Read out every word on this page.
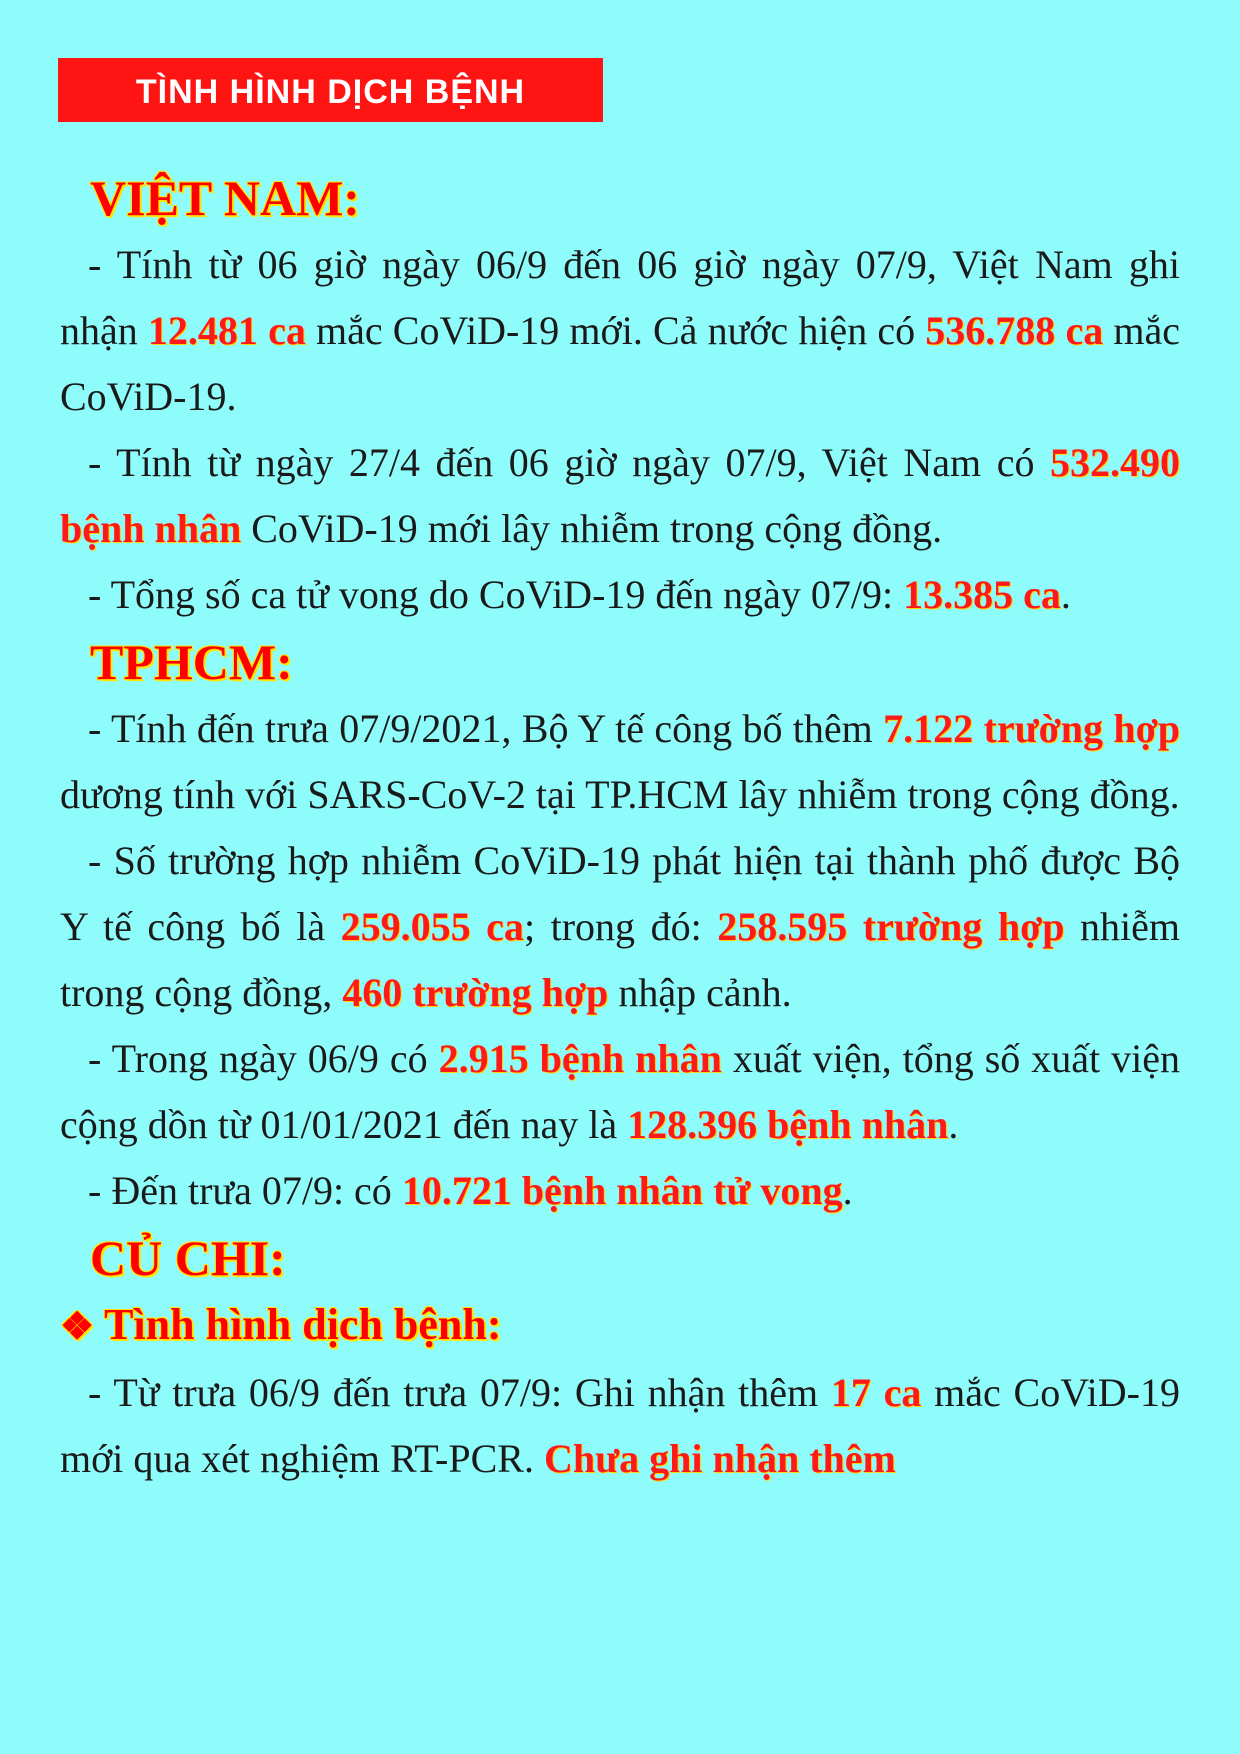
TÌNH HÌNH DỊCH BỆNH
VIỆT NAM:

- Tính từ 06 giờ ngày 06/9 đến 06 giờ ngày 07/9, Việt Nam ghi nhận 12.481 ca mắc CoViD-19 mới. Cả nước hiện có 536.788 ca mắc CoViD-19.

- Tính từ ngày 27/4 đến 06 giờ ngày 07/9, Việt Nam có 532.490 bệnh nhân CoViD-19 mới lây nhiễm trong cộng đồng.

- Tổng số ca tử vong do CoViD-19 đến ngày 07/9: 13.385 ca.

TPHCM:

- Tính đến trưa 07/9/2021, Bộ Y tế công bố thêm 7.122 trường hợp dương tính với SARS-CoV-2 tại TP.HCM lây nhiễm trong cộng đồng.

- Số trường hợp nhiễm CoViD-19 phát hiện tại thành phố được Bộ Y tế công bố là 259.055 ca; trong đó: 258.595 trường hợp nhiễm trong cộng đồng, 460 trường hợp nhập cảnh.

- Trong ngày 06/9 có 2.915 bệnh nhân xuất viện, tổng số xuất viện cộng dồn từ 01/01/2021 đến nay là 128.396 bệnh nhân.

- Đến trưa 07/9: có 10.721 bệnh nhân tử vong.

CỦ CHI:
❖ Tình hình dịch bệnh:

- Từ trưa 06/9 đến trưa 07/9: Ghi nhận thêm 17 ca mắc CoViD-19 mới qua xét nghiệm RT-PCR. Chưa ghi nhận thêm
